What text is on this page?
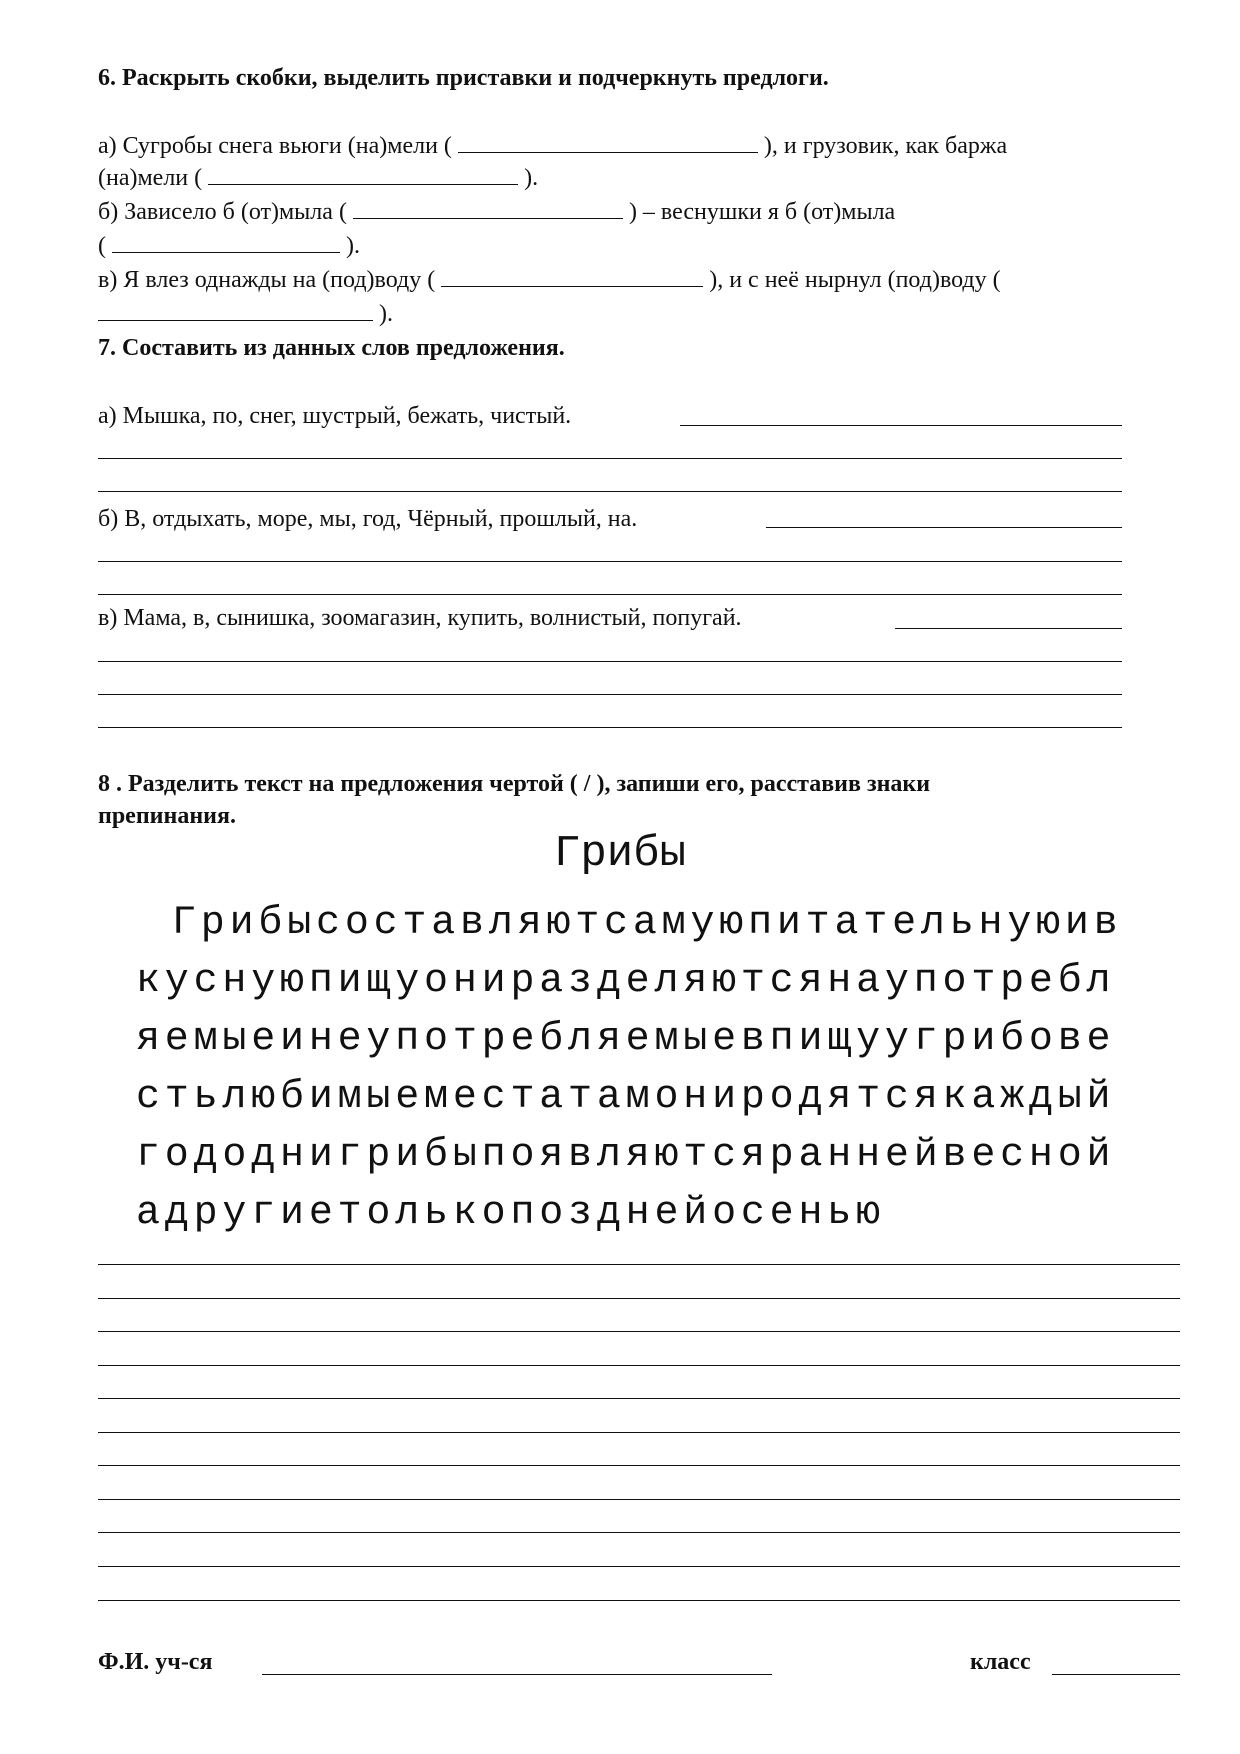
6. Раскрыть скобки, выделить приставки и подчеркнуть предлоги.

а) Сугробы снега вьюги (на)мели (	), и грузовик, как баржа
(на)мели (	).
б) Зависело б (от)мыла (	) – веснушки я б (от)мыла
(	).
в) Я влез однажды на (под)воду (	), и с неё нырнул (под)воду (
).

7. Составить из данных слов предложения.

а) Мышка, по, снег, шустрый, бежать, чистый.
б) В, отдыхать, море, мы, год, Чёрный, прошлый, на.
в) Мама, в, сынишка, зоомагазин, купить, волнистый, попугай.

8 . Разделить текст на предложения чертой ( / ), запиши его, расставив знаки

препинания.

Грибы
Грибысоставляютсамуюпитательнуюив
куснуюпищуониразделяютсянаупотребл
яемыеинеупотребляемыевпищуугрибове
стьлюбимыеместатамониродятсякаждый
гододнигрибыпоявляютсяраннейвесной
адругиетолькопозднейосенью
Ф.И. уч-ся	класс
